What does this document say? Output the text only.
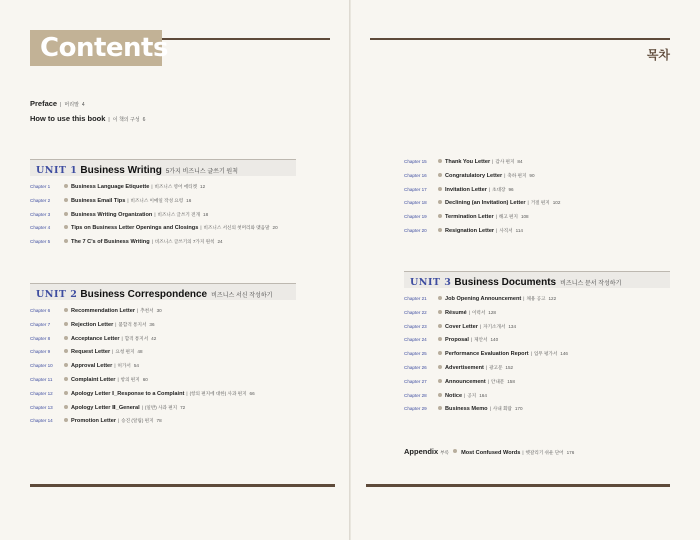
Contents	목차
Preface | 머리말 4
How to use this book | 이 책의 구성 6
UNIT 1 Business Writing 5가지 비즈니스 글쓰기 원칙
UNIT 2 Business Correspondence 비즈니스 서신 작성하기
UNIT 3 Business Documents 비즈니스 문서 작성하기
Chapter 1	Business Language Etiquette | 비즈니스 영어 에티켓 12
Chapter 2	Business Email Tips | 비즈니스 이메일 작성 요령 16
Chapter 3	Business Writing Organization | 비즈니스 글쓰기 전개 18
Chapter 4	Tips on Business Letter Openings and Closings | 비즈니스 서신의 첫머리와 맺음말 20
Chapter 5	The 7 C's of Business Writing | 비즈니스 글쓰기의 7가지 원칙 24
Chapter 6	Recommendation Letter | 추천서 30
Chapter 7	Rejection Letter | 불합격 통지서 36
Chapter 8	Acceptance Letter | 합격 통지서 42
Chapter 9	Request Letter | 요청 편지 48
Chapter 10	Approval Letter | 허가서 54
Chapter 11	Complaint Letter | 항의 편지 60
Chapter 12	Apology Letter Ⅰ_Response to a Complaint | (항의 편지에 대한) 사과 편지 66
Chapter 13	Apology Letter Ⅱ_General | (일반) 사과 편지 72
Chapter 14	Promotion Letter | 승진 (알림) 편지 78
Chapter 15	Thank You Letter | 감사 편지 84
Chapter 16	Congratulatory Letter | 축하 편지 90
Chapter 17	Invitation Letter | 초대장 96
Chapter 18	Declining (an Invitation) Letter | 거절 편지 102
Chapter 19	Termination Letter | 해고 편지 108
Chapter 20	Resignation Letter | 사직서 114
Chapter 21	Job Opening Announcement | 채용 공고 122
Chapter 22	Résumé | 이력서 128
Chapter 23	Cover Letter | 자기소개서 134
Chapter 24	Proposal | 제안서 140
Chapter 25	Performance Evaluation Report | 업무 평가서 146
Chapter 26	Advertisement | 광고문 152
Chapter 27	Announcement | 안내문 158
Chapter 28	Notice | 공지 164
Chapter 29	Business Memo | 사내 회람 170
Appendix 부록 Most Confused Words | 헷갈리기 쉬운 단어 176
